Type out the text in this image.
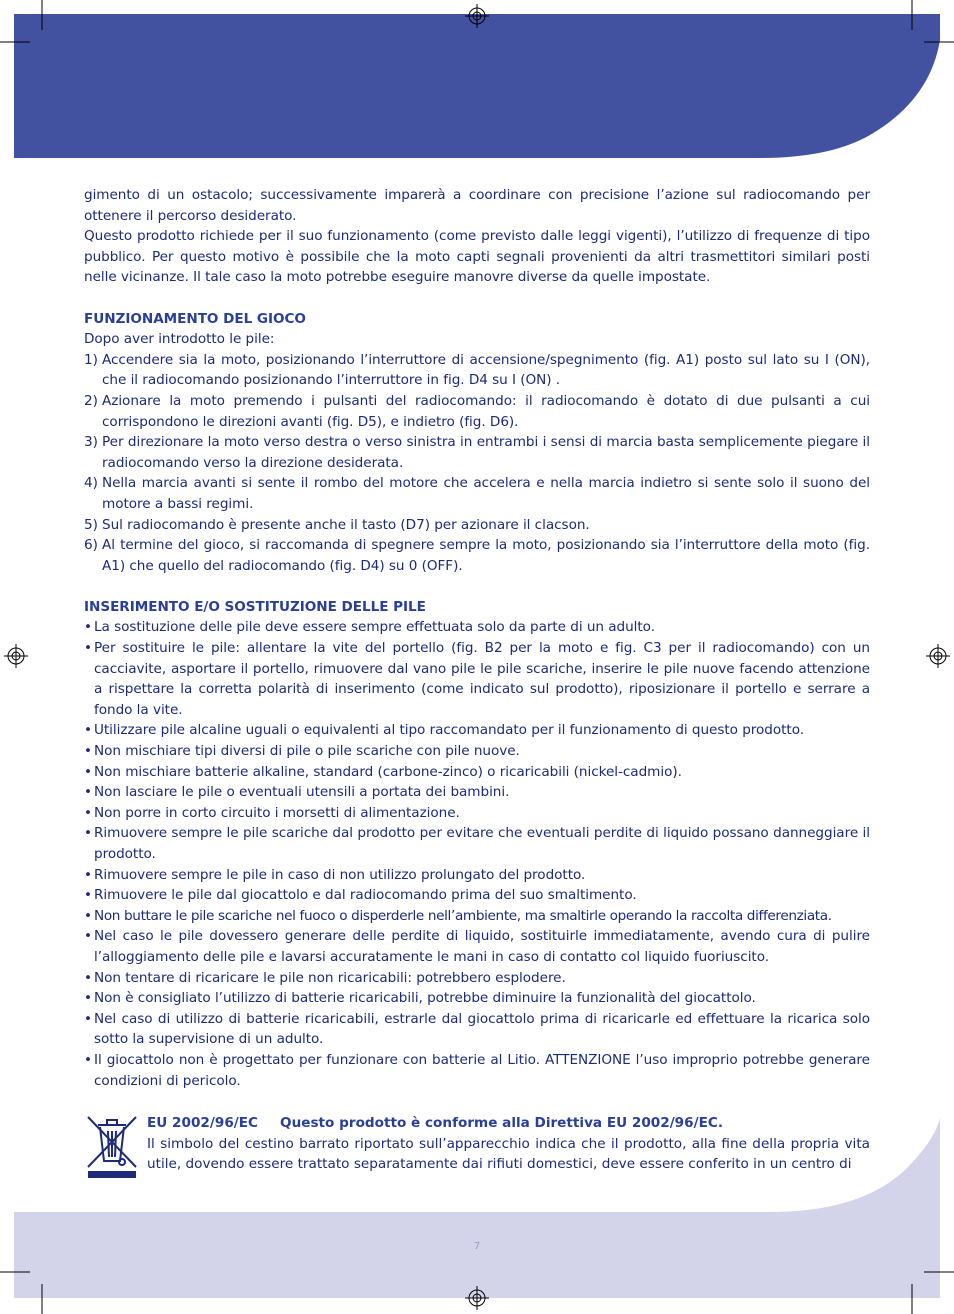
gimento di un ostacolo; successivamente imparerà a coordinare con precisione l’azione sul radiocomando per ottenere il percorso desiderato.

Questo prodotto richiede per il suo funzionamento (come previsto dalle leggi vigenti), l’utilizzo di frequenze di tipo pubblico. Per questo motivo è possibile che la moto capti segnali provenienti da altri trasmettitori similari posti nelle vicinanze. Il tale caso la moto potrebbe eseguire manovre diverse da quelle impostate.

FUNZIONAMENTO DEL GIOCO

Dopo aver introdotto le pile:

1) Accendere sia la moto, posizionando l’interruttore di accensione/spegnimento (fig. A1) posto sul lato su I (ON), che il radiocomando posizionando l’interruttore in fig. D4 su I (ON) .
2) Azionare la moto premendo i pulsanti del radiocomando: il radiocomando è dotato di due pulsanti a cui corrispondono le direzioni avanti (fig. D5), e indietro (fig. D6).
3) Per direzionare la moto verso destra o verso sinistra in entrambi i sensi di marcia basta semplicemente piegare il radiocomando verso la direzione desiderata.
4) Nella marcia avanti si sente il rombo del motore che accelera e nella marcia indietro si sente solo il suono del motore a bassi regimi.
5) Sul radiocomando è presente anche il tasto (D7) per azionare il clacson.
6) Al termine del gioco, si raccomanda di spegnere sempre la moto, posizionando sia l’interruttore della moto (fig. A1) che quello del radiocomando (fig. D4) su 0 (OFF).

INSERIMENTO E/O SOSTITUZIONE DELLE PILE

• La sostituzione delle pile deve essere sempre effettuata solo da parte di un adulto.
• Per sostituire le pile: allentare la vite del portello (fig. B2 per la moto e fig. C3 per il radiocomando) con un cacciavite, asportare il portello, rimuovere dal vano pile le pile scariche, inserire le pile nuove facendo attenzione a rispettare la corretta polarità di inserimento (come indicato sul prodotto), riposizionare il portello e serrare a fondo la vite.
• Utilizzare pile alcaline uguali o equivalenti al tipo raccomandato per il funzionamento di questo prodotto.
• Non mischiare tipi diversi di pile o pile scariche con pile nuove.
• Non mischiare batterie alkaline, standard (carbone-zinco) o ricaricabili (nickel-cadmio).
• Non lasciare le pile o eventuali utensili a portata dei bambini.
• Non porre in corto circuito i morsetti di alimentazione.
• Rimuovere sempre le pile scariche dal prodotto per evitare che eventuali perdite di liquido possano danneggiare il prodotto.
• Rimuovere sempre le pile in caso di non utilizzo prolungato del prodotto.
• Rimuovere le pile dal giocattolo e dal radiocomando prima del suo smaltimento.
• Non buttare le pile scariche nel fuoco o disperderle nell’ambiente, ma smaltirle operando la raccolta differenziata.
• Nel caso le pile dovessero generare delle perdite di liquido, sostituirle immediatamente, avendo cura di pulire l’alloggiamento delle pile e lavarsi accuratamente le mani in caso di contatto col liquido fuoriuscito.
• Non tentare di ricaricare le pile non ricaricabili: potrebbero esplodere.
• Non è consigliato l’utilizzo di batterie ricaricabili, potrebbe diminuire la funzionalità del giocattolo.
• Nel caso di utilizzo di batterie ricaricabili, estrarle dal giocattolo prima di ricaricarle ed effettuare la ricarica solo sotto la supervisione di un adulto.
• Il giocattolo non è progettato per funzionare con batterie al Litio. ATTENZIONE l’uso improprio potrebbe generare condizioni di pericolo.
EU 2002/96/EC Questo prodotto è conforme alla Direttiva EU 2002/96/EC.
Il simbolo del cestino barrato riportato sull’apparecchio indica che il prodotto, alla fine della propria vita utile, dovendo essere trattato separatamente dai rifiuti domestici, deve essere conferito in un centro di
7
